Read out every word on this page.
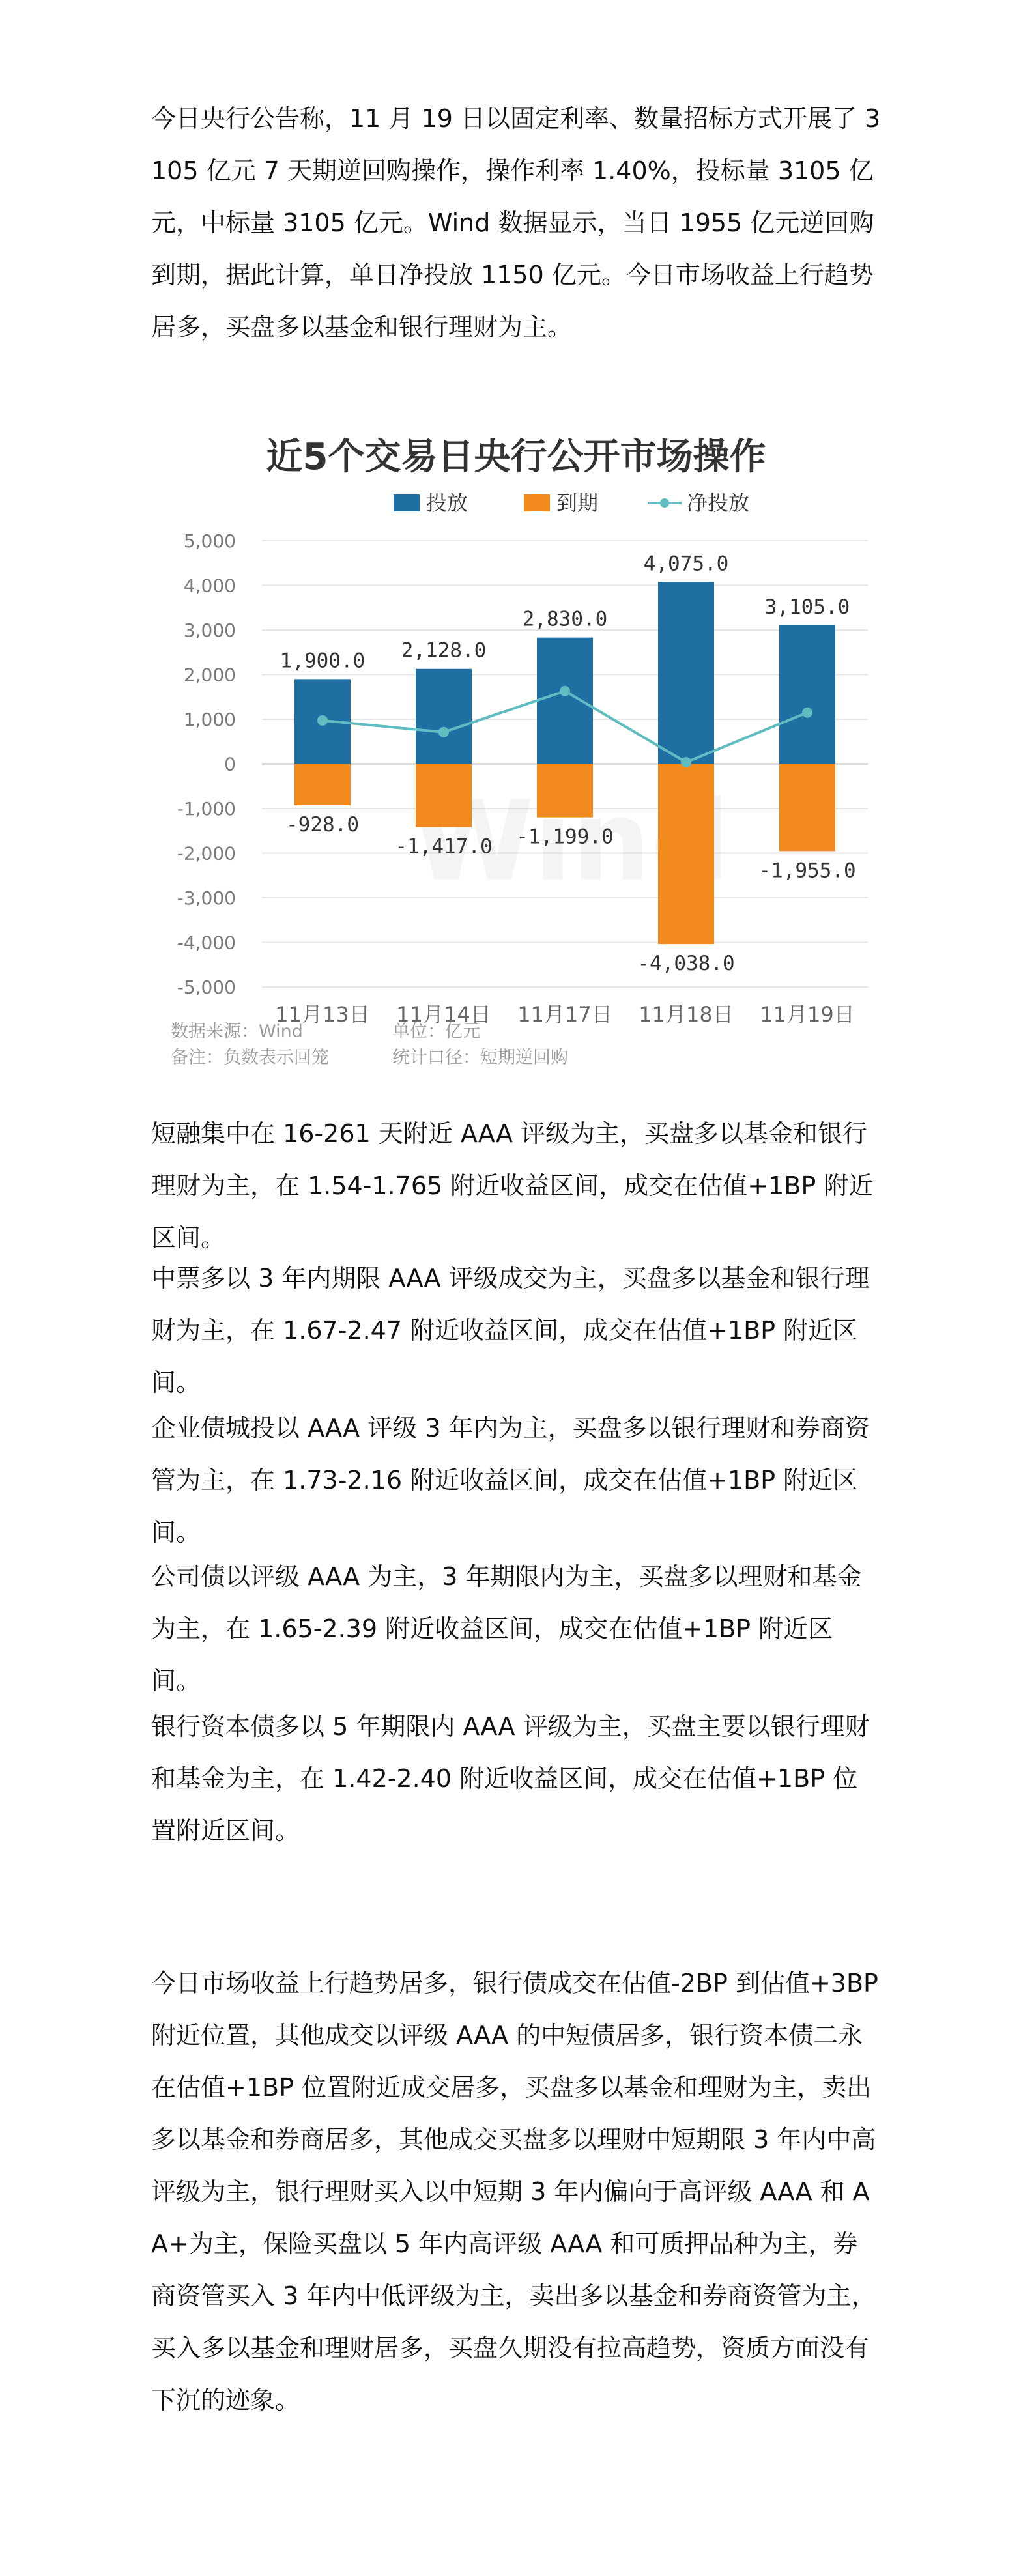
今日央行公告称，11 月 19 日以固定利率、数量招标方式开展了 3105 亿元 7 天期逆回购操作，操作利率 1.40%，投标量 3105 亿元，中标量 3105 亿元。Wind 数据显示，当日 1955 亿元逆回购到期，据此计算，单日净投放 1150 亿元。今日市场收益上行趋势居多，买盘多以基金和银行理财为主。

近5个交易日央行公开市场操作
投放	到期	净投放
1,900.0
-928.0
2,128.0
-1,417.0
2,830.0
-1,199.0
4,075.0
-4,038.0
3,105.0
-1,955.0
5,000
4,000
3,000
2,000
1,000
0
-1,000
-2,000
-3,000
-4,000
-5,000
11月13日 11月14日 11月17日 11月18日 11月19日
数据来源：Wind	单位：亿元
备注：负数表示回笼	统计口径：短期逆回购

短融集中在 16-261 天附近 AAA 评级为主，买盘多以基金和银行理财为主，在 1.54-1.765 附近收益区间，成交在估值+1BP 附近区间。

中票多以 3 年内期限 AAA 评级成交为主，买盘多以基金和银行理财为主，在 1.67-2.47 附近收益区间，成交在估值+1BP 附近区间。

企业债城投以 AAA 评级 3 年内为主，买盘多以银行理财和券商资管为主，在 1.73-2.16 附近收益区间，成交在估值+1BP 附近区间。

公司债以评级 AAA 为主，3 年期限内为主，买盘多以理财和基金为主，在 1.65-2.39 附近收益区间，成交在估值+1BP 附近区间。

银行资本债多以 5 年期限内 AAA 评级为主，买盘主要以银行理财和基金为主，在 1.42-2.40 附近收益区间，成交在估值+1BP 位置附近区间。

今日市场收益上行趋势居多，银行债成交在估值-2BP 到估值+3BP 附近位置，其他成交以评级 AAA 的中短债居多，银行资本债二永在估值+1BP 位置附近成交居多，买盘多以基金和理财为主，卖出多以基金和券商居多，其他成交买盘多以理财中短期限 3 年内中高评级为主，银行理财买入以中短期 3 年内偏向于高评级 AAA 和 AA+为主，保险买盘以 5 年内高评级 AAA 和可质押品种为主，券商资管买入 3 年内中低评级为主，卖出多以基金和券商资管为主，买入多以基金和理财居多，买盘久期没有拉高趋势，资质方面没有下沉的迹象。
